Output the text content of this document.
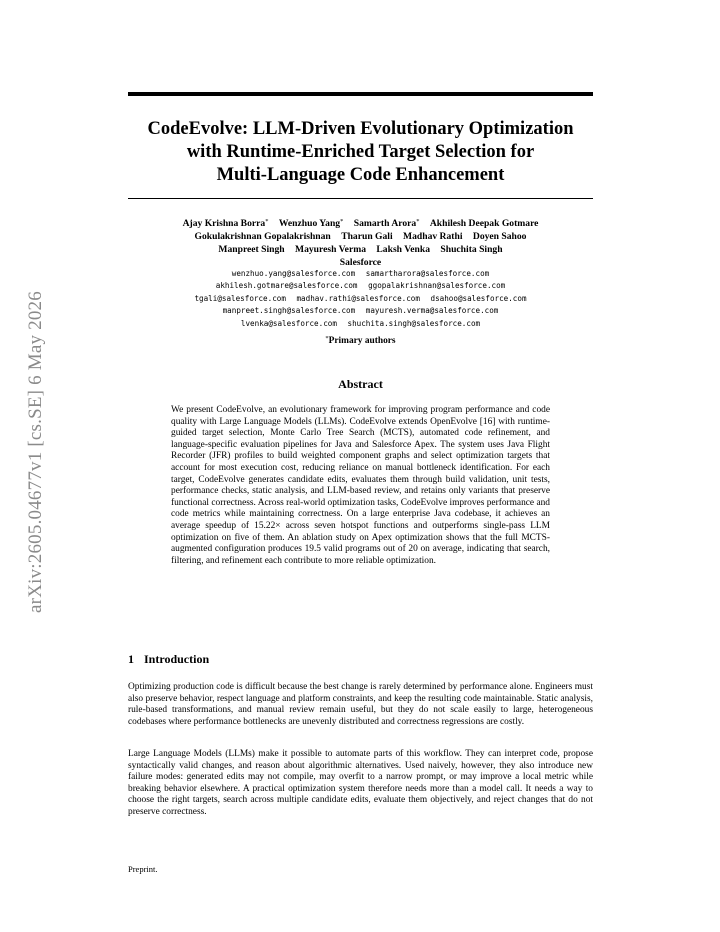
arXiv:2605.04677v1 [cs.SE] 6 May 2026
CodeEvolve: LLM-Driven Evolutionary Optimization
with Runtime-Enriched Target Selection for
Multi-Language Code Enhancement
Ajay Krishna Borra* Wenzhuo Yang* Samarth Arora* Akhilesh Deepak Gotmare
Gokulakrishnan Gopalakrishnan Tharun Gali Madhav Rathi Doyen Sahoo
Manpreet Singh Mayuresh Verma Laksh Venka Shuchita Singh
Salesforce
wenzhuo.yang@salesforce.com samartharora@salesforce.com
akhilesh.gotmare@salesforce.com ggopalakrishnan@salesforce.com
tgali@salesforce.com madhav.rathi@salesforce.com dsahoo@salesforce.com
manpreet.singh@salesforce.com mayuresh.verma@salesforce.com
lvenka@salesforce.com shuchita.singh@salesforce.com
*Primary authors
Abstract
We present CodeEvolve, an evolutionary framework for improving program performance and code quality with Large Language Models (LLMs). CodeEvolve extends OpenEvolve [16] with runtime-guided target selection, Monte Carlo Tree Search (MCTS), automated code refinement, and language-specific evaluation pipelines for Java and Salesforce Apex. The system uses Java Flight Recorder (JFR) profiles to build weighted component graphs and select optimization targets that account for most execution cost, reducing reliance on manual bottleneck identification. For each target, CodeEvolve generates candidate edits, evaluates them through build validation, unit tests, performance checks, static analysis, and LLM-based review, and retains only variants that preserve functional correctness. Across real-world optimization tasks, CodeEvolve improves performance and code metrics while maintaining correctness. On a large enterprise Java codebase, it achieves an average speedup of 15.22× across seven hotspot functions and outperforms single-pass LLM optimization on five of them. An ablation study on Apex optimization shows that the full MCTS-augmented configuration produces 19.5 valid programs out of 20 on average, indicating that search, filtering, and refinement each contribute to more reliable optimization.
1 Introduction
Optimizing production code is difficult because the best change is rarely determined by performance alone. Engineers must also preserve behavior, respect language and platform constraints, and keep the resulting code maintainable. Static analysis, rule-based transformations, and manual review remain useful, but they do not scale easily to large, heterogeneous codebases where performance bottlenecks are unevenly distributed and correctness regressions are costly.
Large Language Models (LLMs) make it possible to automate parts of this workflow. They can interpret code, propose syntactically valid changes, and reason about algorithmic alternatives. Used naively, however, they also introduce new failure modes: generated edits may not compile, may overfit to a narrow prompt, or may improve a local metric while breaking behavior elsewhere. A practical optimization system therefore needs more than a model call. It needs a way to choose the right targets, search across multiple candidate edits, evaluate them objectively, and reject changes that do not preserve correctness.
Preprint.
